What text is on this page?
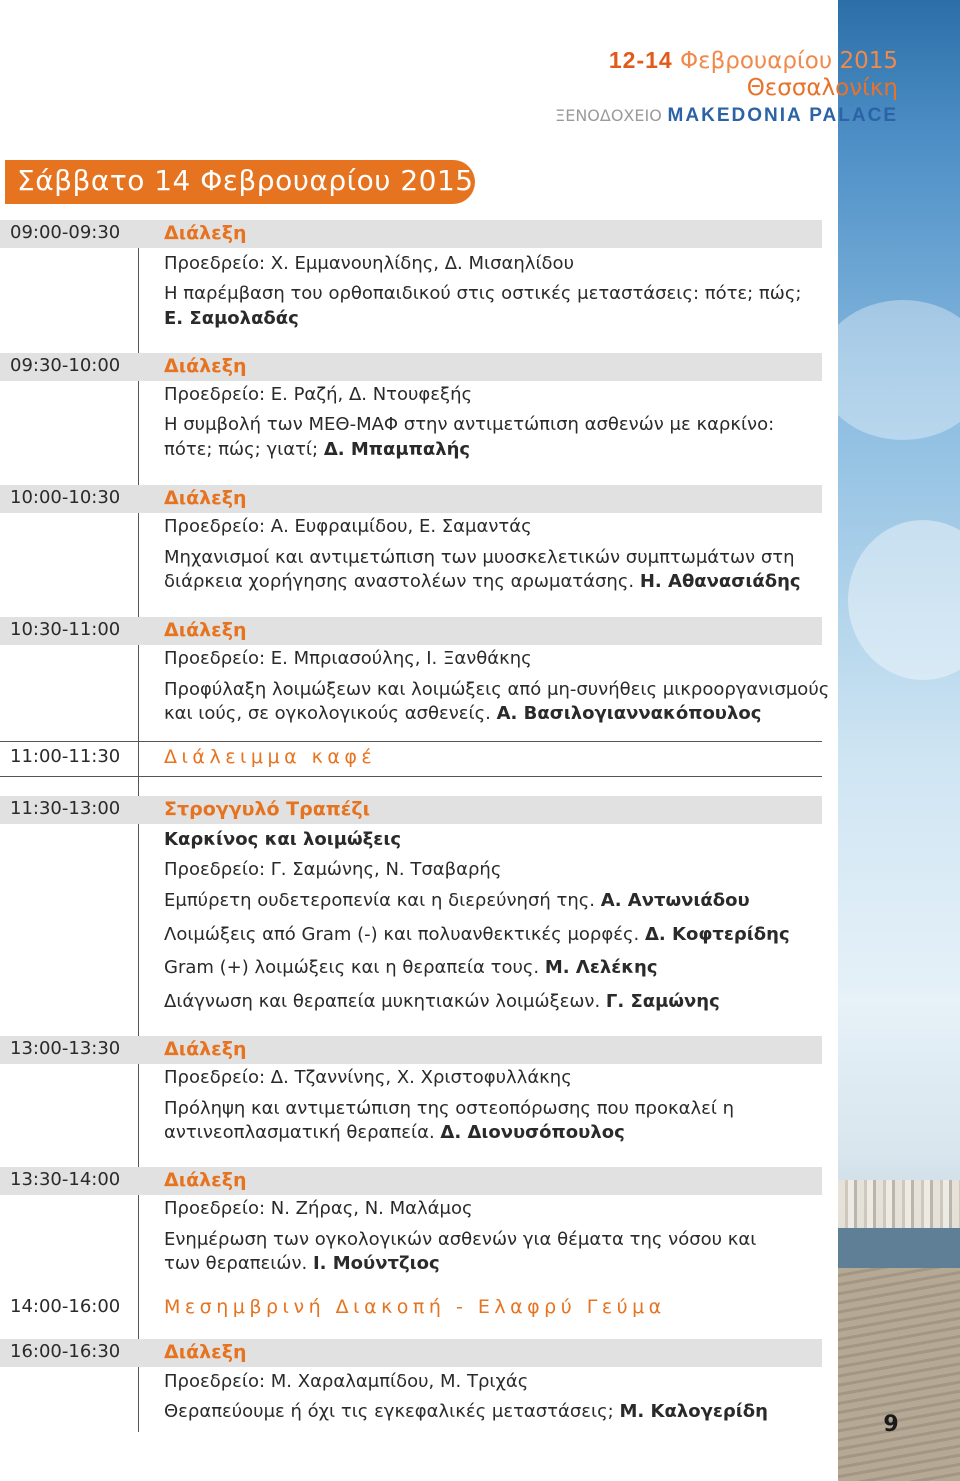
9
12-14 Φεβρουαρίου 2015
Θεσσαλονίκη
ΞΕΝΟΔΟΧΕΙΟ MAKEDONIA PALACE
Σάββατο 14 Φεβρουαρίου 2015
09:00-09:30 Διάλεξη
Προεδρείο: Χ. Εμμανουηλίδης, Δ. Μισαηλίδου
Η παρέμβαση του ορθοπαιδικού στις οστικές μεταστάσεις: πότε; πώς;
Ε. Σαμολαδάς
09:30-10:00 Διάλεξη
Προεδρείο: Ε. Ραζή, Δ. Ντουφεξής
Η συμβολή των ΜΕΘ-ΜΑΦ στην αντιμετώπιση ασθενών με καρκίνο:
πότε; πώς; γιατί; Δ. Μπαμπαλής
10:00-10:30 Διάλεξη
Προεδρείο: Α. Ευφραιμίδου, Ε. Σαμαντάς
Μηχανισμοί και αντιμετώπιση των μυοσκελετικών συμπτωμάτων στη
διάρκεια χορήγησης αναστολέων της αρωματάσης. Η. Αθανασιάδης
10:30-11:00 Διάλεξη
Προεδρείο: Ε. Μπριασούλης, Ι. Ξανθάκης
Προφύλαξη λοιμώξεων και λοιμώξεις από μη-συνήθεις μικροοργανισμούς
και ιούς, σε ογκολογικούς ασθενείς. Α. Βασιλογιαννακόπουλος
11:00-11:30 Διάλειμμα καφέ
11:30-13:00 Στρογγυλό Τραπέζι
Καρκίνος και λοιμώξεις
Προεδρείο: Γ. Σαμώνης, Ν. Τσαβαρής
Εμπύρετη ουδετεροπενία και η διερεύνησή της. Α. Αντωνιάδου
Λοιμώξεις από Gram (-) και πολυανθεκτικές μορφές. Δ. Κοφτερίδης
Gram (+) λοιμώξεις και η θεραπεία τους. Μ. Λελέκης
Διάγνωση και θεραπεία μυκητιακών λοιμώξεων. Γ. Σαμώνης
13:00-13:30 Διάλεξη
Προεδρείο: Δ. Τζαννίνης, Χ. Χριστοφυλλάκης
Πρόληψη και αντιμετώπιση της οστεοπόρωσης που προκαλεί η
αντινεοπλασματική θεραπεία. Δ. Διονυσόπουλος
13:30-14:00 Διάλεξη
Προεδρείο: Ν. Ζήρας, Ν. Μαλάμος
Ενημέρωση των ογκολογικών ασθενών για θέματα της νόσου και
των θεραπειών. Ι. Μούντζιος
14:00-16:00 Μεσημβρινή Διακοπή - Ελαφρύ Γεύμα
16:00-16:30 Διάλεξη
Προεδρείο: Μ. Χαραλαμπίδου, Μ. Τριχάς
Θεραπεύουμε ή όχι τις εγκεφαλικές μεταστάσεις; Μ. Καλογερίδη
